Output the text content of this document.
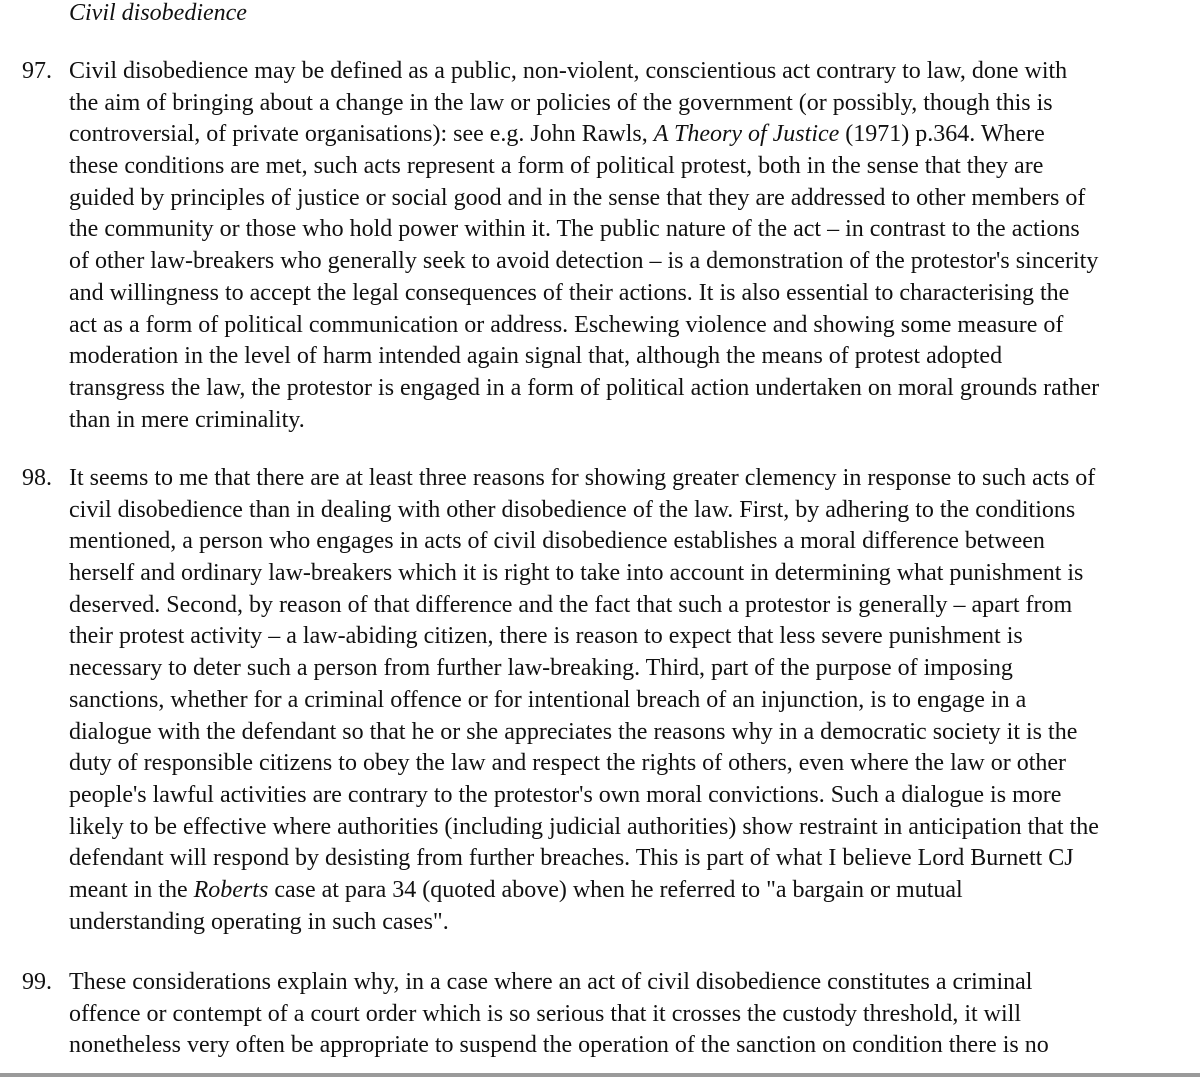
Civil disobedience
97. Civil disobedience may be defined as a public, non-violent, conscientious act contrary to law, done with
the aim of bringing about a change in the law or policies of the government (or possibly, though this is
controversial, of private organisations): see e.g. John Rawls, A Theory of Justice (1971) p.364. Where
these conditions are met, such acts represent a form of political protest, both in the sense that they are
guided by principles of justice or social good and in the sense that they are addressed to other members of
the community or those who hold power within it. The public nature of the act – in contrast to the actions
of other law-breakers who generally seek to avoid detection – is a demonstration of the protestor's sincerity
and willingness to accept the legal consequences of their actions. It is also essential to characterising the
act as a form of political communication or address. Eschewing violence and showing some measure of
moderation in the level of harm intended again signal that, although the means of protest adopted
transgress the law, the protestor is engaged in a form of political action undertaken on moral grounds rather
than in mere criminality.
98. It seems to me that there are at least three reasons for showing greater clemency in response to such acts of
civil disobedience than in dealing with other disobedience of the law. First, by adhering to the conditions
mentioned, a person who engages in acts of civil disobedience establishes a moral difference between
herself and ordinary law-breakers which it is right to take into account in determining what punishment is
deserved. Second, by reason of that difference and the fact that such a protestor is generally – apart from
their protest activity – a law-abiding citizen, there is reason to expect that less severe punishment is
necessary to deter such a person from further law-breaking. Third, part of the purpose of imposing
sanctions, whether for a criminal offence or for intentional breach of an injunction, is to engage in a
dialogue with the defendant so that he or she appreciates the reasons why in a democratic society it is the
duty of responsible citizens to obey the law and respect the rights of others, even where the law or other
people's lawful activities are contrary to the protestor's own moral convictions. Such a dialogue is more
likely to be effective where authorities (including judicial authorities) show restraint in anticipation that the
defendant will respond by desisting from further breaches. This is part of what I believe Lord Burnett CJ
meant in the Roberts case at para 34 (quoted above) when he referred to "a bargain or mutual
understanding operating in such cases".
99. These considerations explain why, in a case where an act of civil disobedience constitutes a criminal
offence or contempt of a court order which is so serious that it crosses the custody threshold, it will
nonetheless very often be appropriate to suspend the operation of the sanction on condition there is no
